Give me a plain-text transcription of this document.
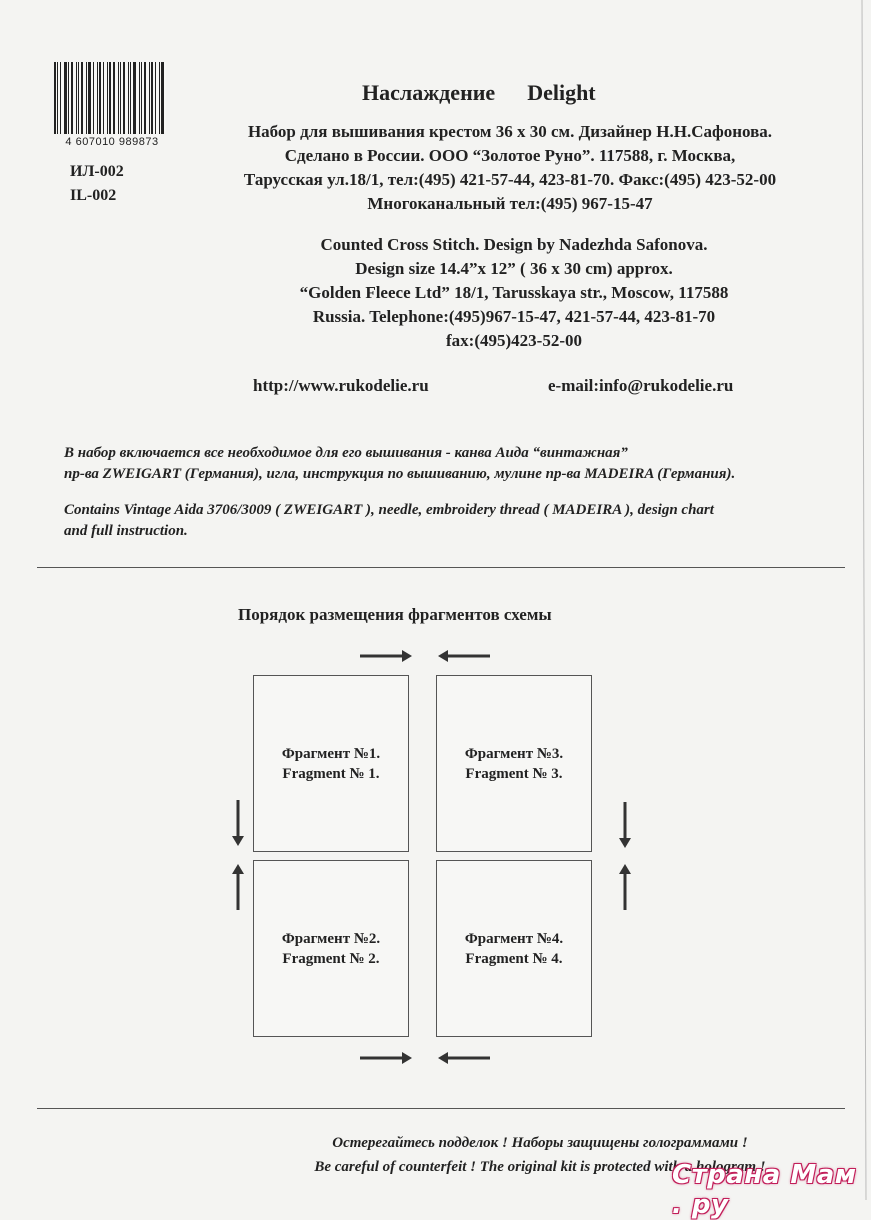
4 607010 989873
ИЛ-002
IL-002
Наслаждение Delight
Набор для вышивания крестом 36 х 30 см. Дизайнер Н.Н.Сафонова.
Сделано в России. ООО “Золотое Руно”. 117588, г. Москва,
Тарусская ул.18/1, тел:(495) 421-57-44, 423-81-70. Факс:(495) 423-52-00
Многоканальный тел:(495) 967-15-47
Counted Cross Stitch. Design by Nadezhda Safonova.
Design size 14.4”x 12” ( 36 x 30 cm) approx.
“Golden Fleece Ltd” 18/1, Tarusskaya str., Moscow, 117588
Russia. Telephone:(495)967-15-47, 421-57-44, 423-81-70
fax:(495)423-52-00
http://www.rukodelie.ru	e-mail:info@rukodelie.ru
В набор включается все необходимое для его вышивания - канва Аида “винтажная”
пр-ва ZWEIGART (Германия), игла, инструкция по вышиванию, мулине пр-ва MADEIRA (Германия).
Contains Vintage Aida 3706/3009 ( ZWEIGART ), needle, embroidery thread ( MADEIRA ), design chart
and full instruction.
Порядок размещения фрагментов схемы
Фрагмент №1.
Fragment № 1.
Фрагмент №3.
Fragment № 3.
Фрагмент №2.
Fragment № 2.
Фрагмент №4.
Fragment № 4.
Остерегайтесь подделок ! Наборы защищены голограммами !
Be careful of counterfeit ! The original kit is protected with a hologram !
Страна Мам . ру
